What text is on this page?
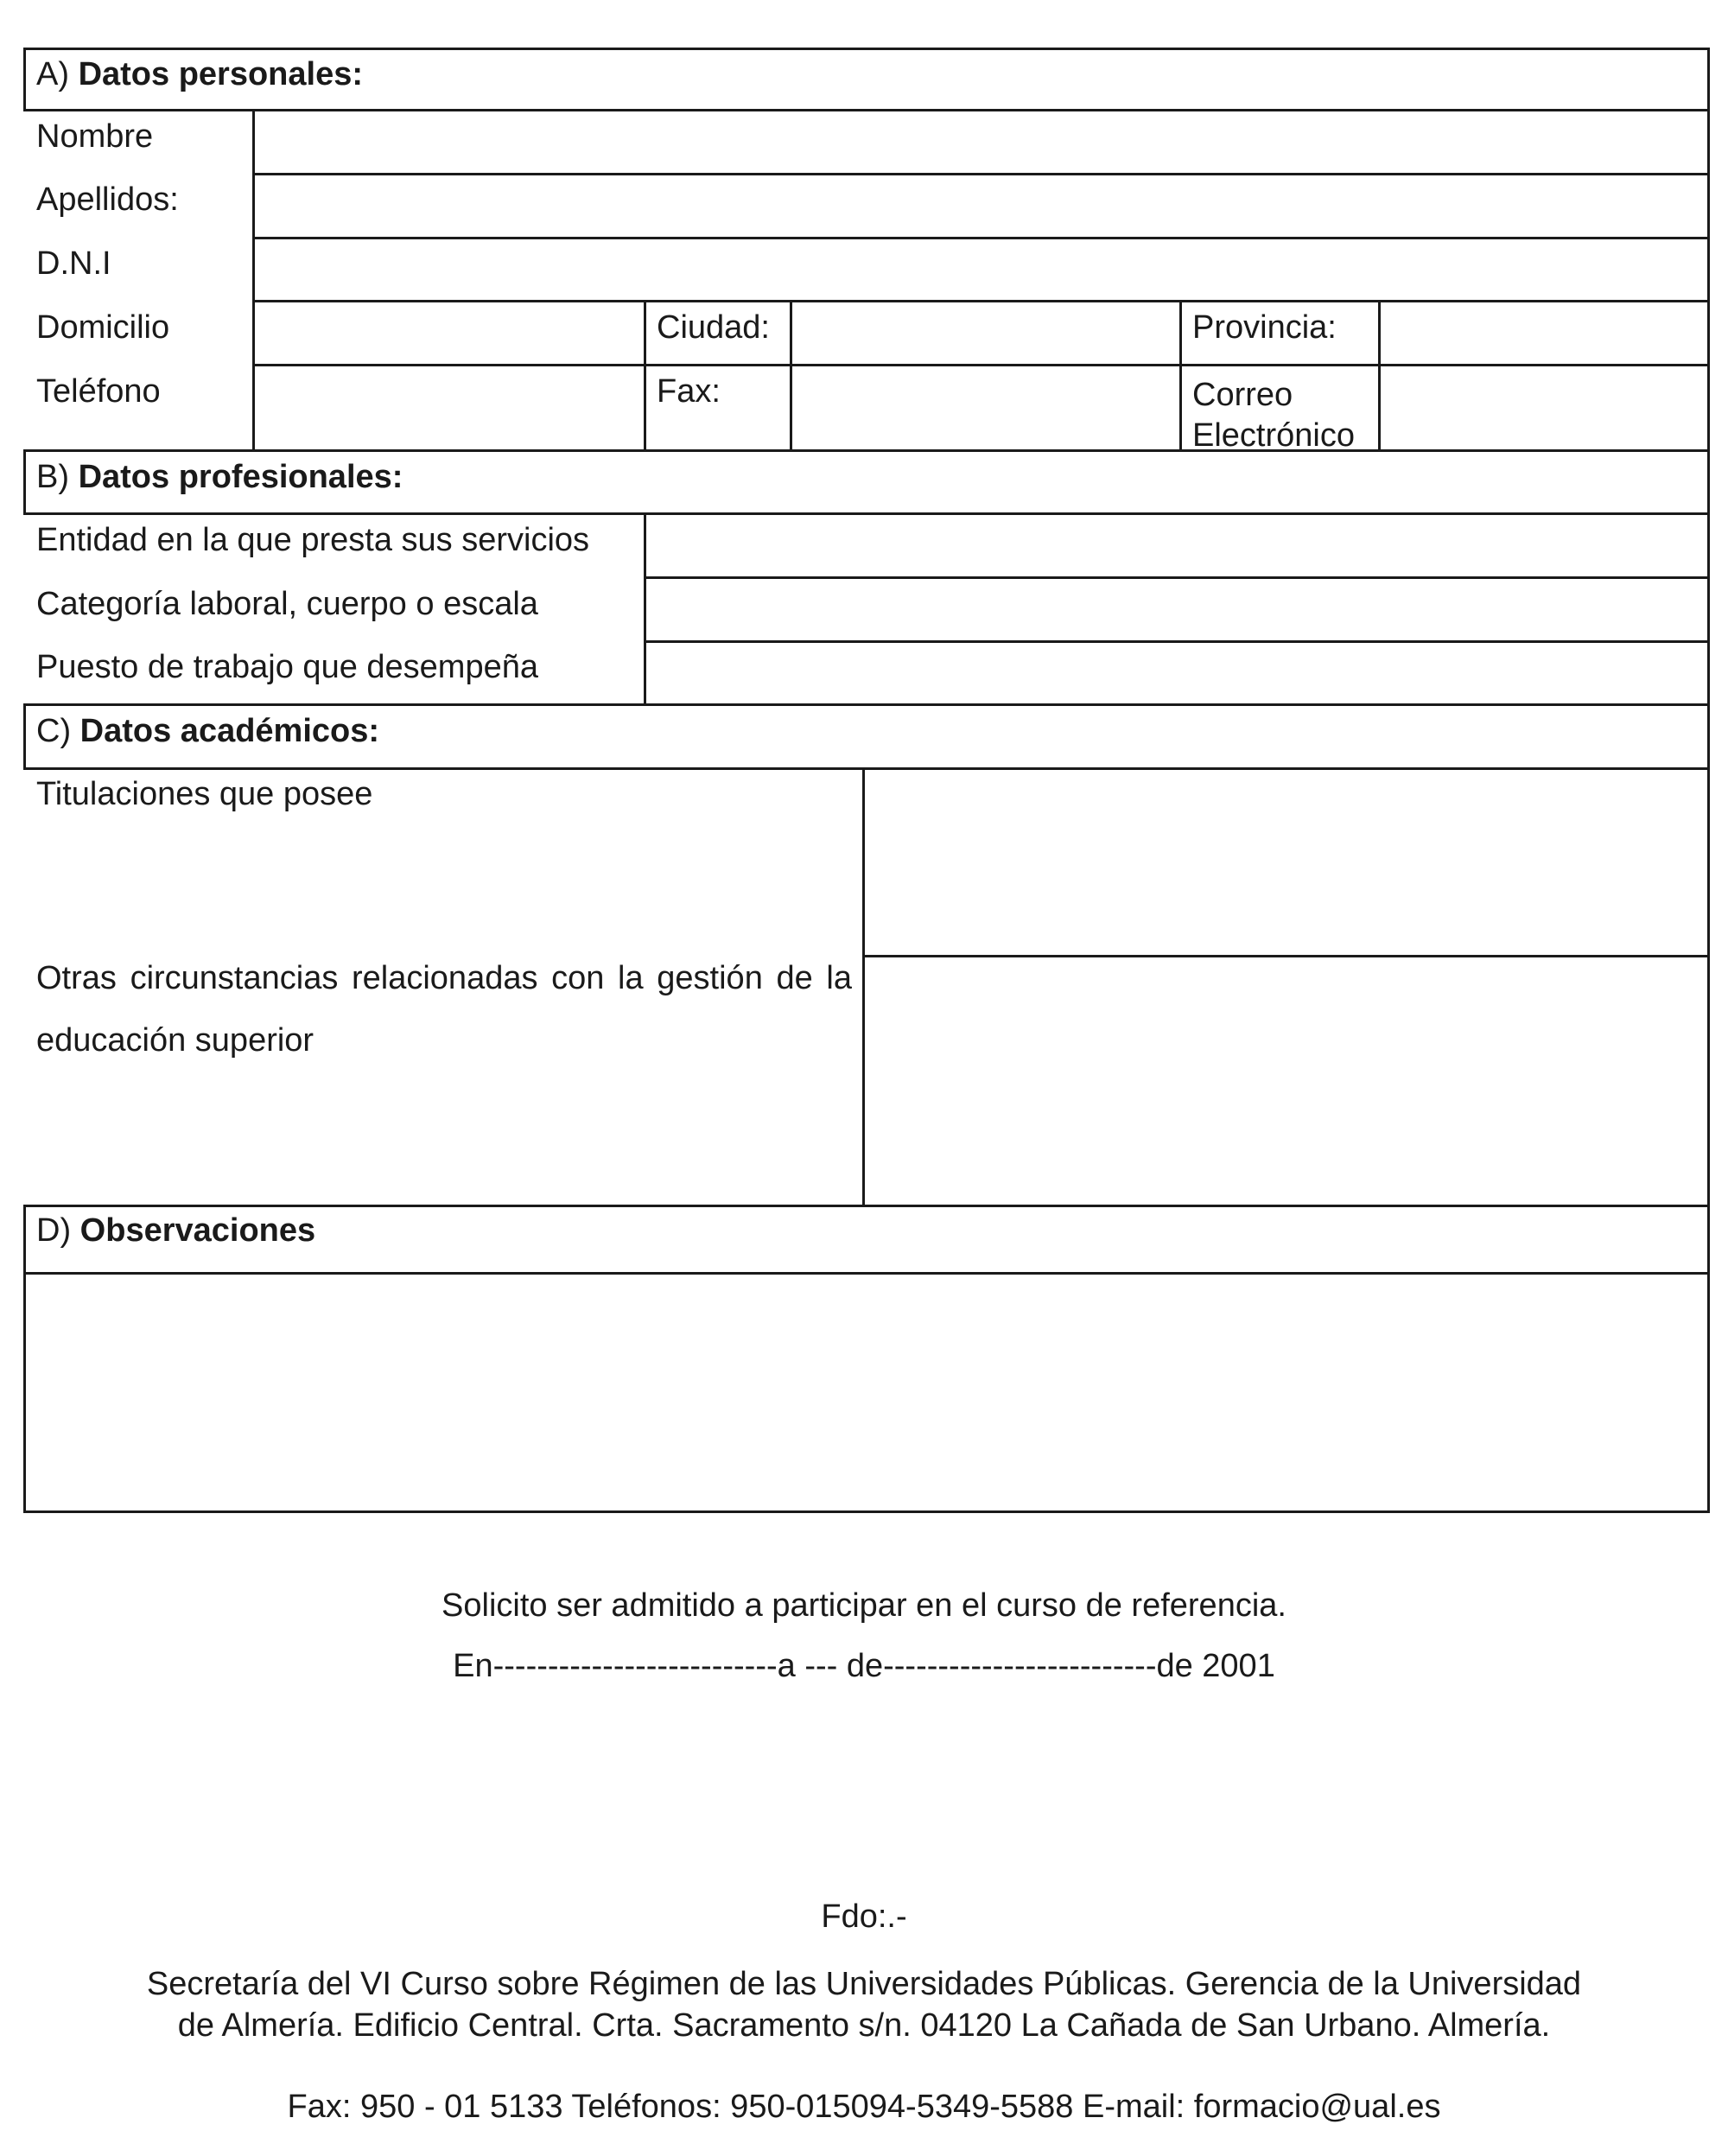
A) Datos personales:
Nombre
Apellidos:
D.N.I
Domicilio	Ciudad:	Provincia:
Teléfono	Fax:	Correo
Electrónico
B) Datos profesionales:
Entidad en la que presta sus servicios
Categoría laboral, cuerpo o escala
Puesto de trabajo que desempeña
C) Datos académicos:
Titulaciones que posee
Otras circunstancias relacionadas con la gestión de la educación superior
D) Observaciones
Solicito ser admitido a participar en el curso de referencia.
En--------------------------a --- de-------------------------de 2001
Fdo:.-
Secretaría del VI Curso sobre Régimen de las Universidades Públicas. Gerencia de la Universidad
de Almería. Edificio Central. Crta. Sacramento s/n. 04120 La Cañada de San Urbano. Almería.
Fax: 950 - 01 5133 Teléfonos: 950-015094-5349-5588 E-mail: formacio@ual.es
